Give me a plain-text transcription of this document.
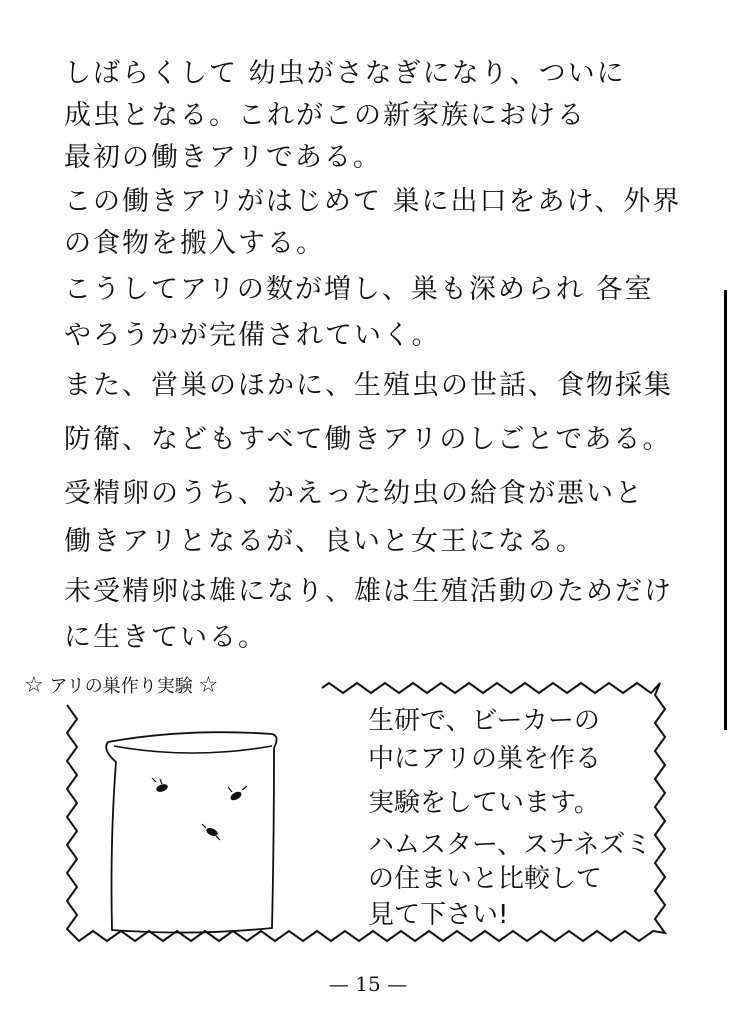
しばらくして 幼虫がさなぎになり、ついに
成虫となる。これがこの新家族における
最初の働きアリである。
この働きアリがはじめて 巣に出口をあけ、外界
の食物を搬入する。
こうしてアリの数が増し、巣も深められ 各室
やろうかが完備されていく。
また、営巣のほかに、生殖虫の世話、食物採集
防衛、などもすべて働きアリのしごとである。
受精卵のうち、かえった幼虫の給食が悪いと
働きアリとなるが、良いと女王になる。
未受精卵は雄になり、雄は生殖活動のためだけ
に生きている。
☆ アリの巣作り実験 ☆
生研で、ビーカーの
中にアリの巣を作る
実験をしています。
ハムスター、スナネズミ
の住まいと比較して
見て下さい!
— 15 —
